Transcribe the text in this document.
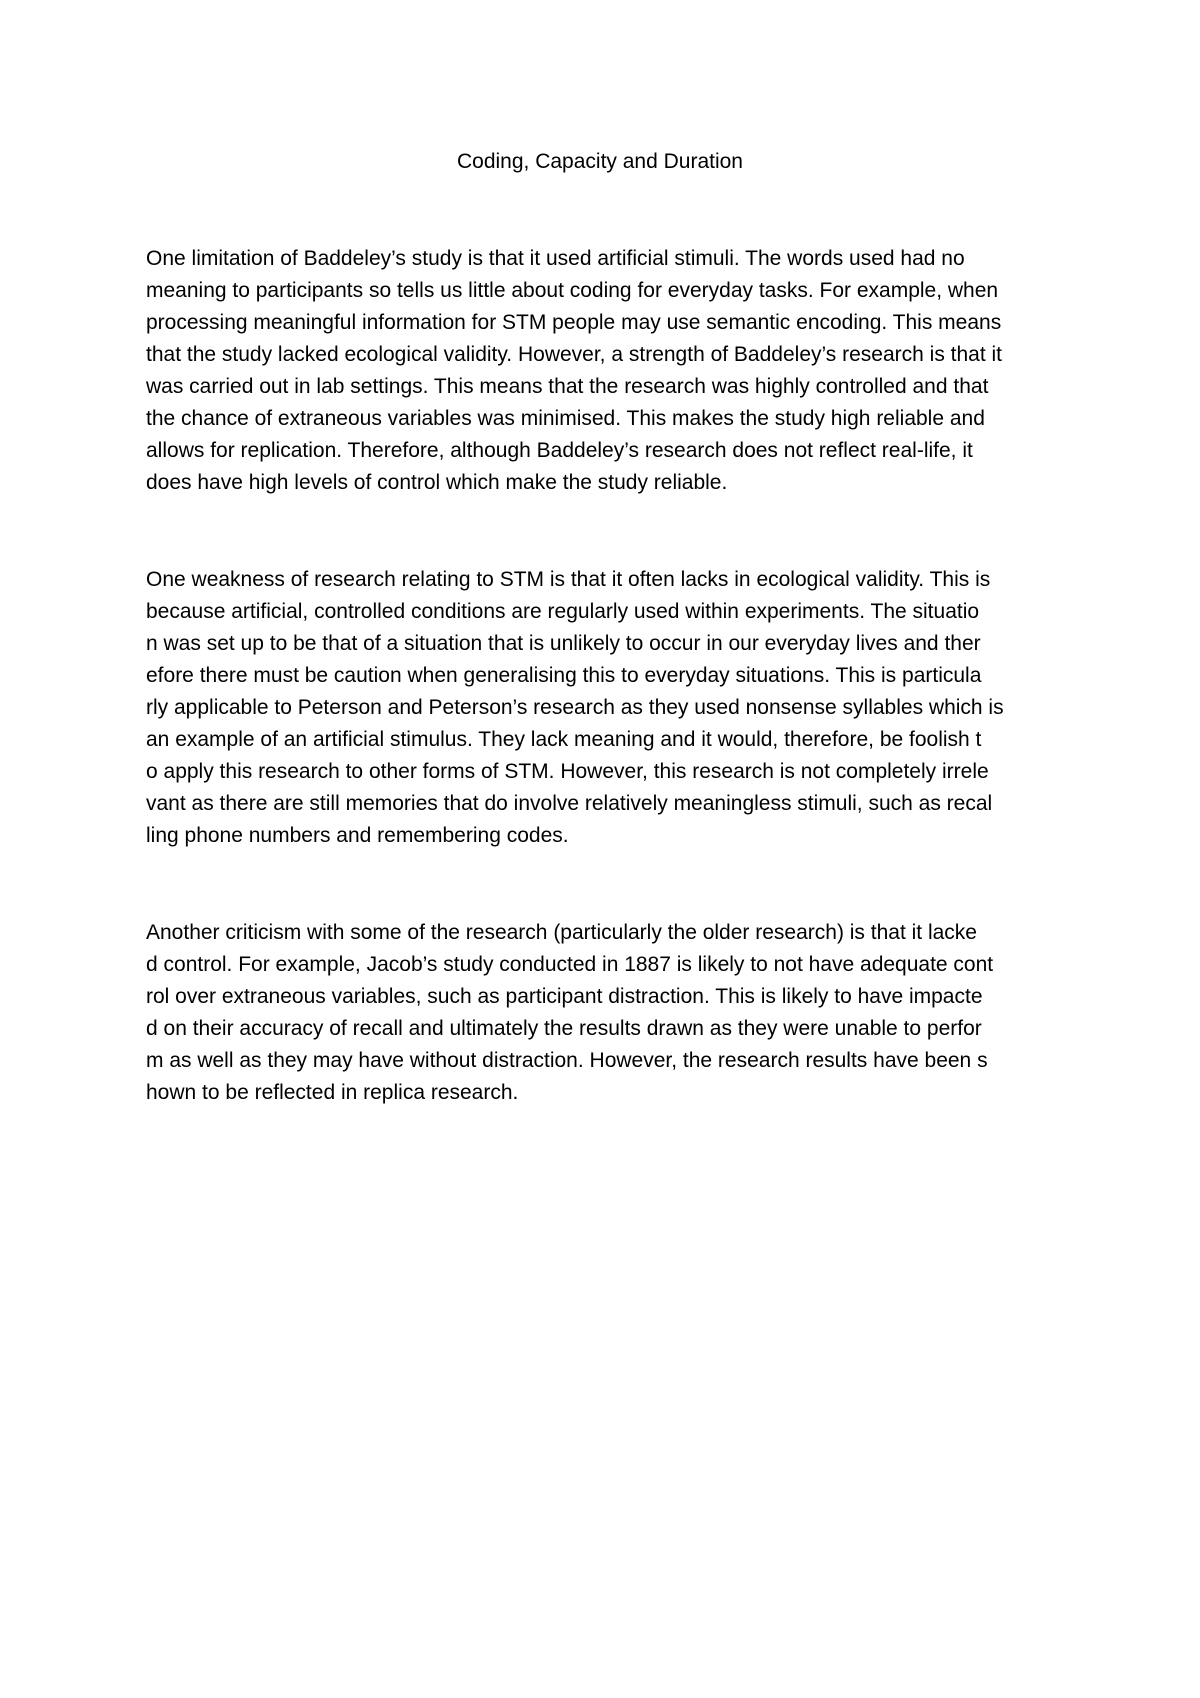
Coding, Capacity and Duration
One limitation of Baddeley’s study is that it used artificial stimuli. The words used had no
meaning to participants so tells us little about coding for everyday tasks. For example, when
processing meaningful information for STM people may use semantic encoding. This means
that the study lacked ecological validity. However, a strength of Baddeley’s research is that it
was carried out in lab settings. This means that the research was highly controlled and that
the chance of extraneous variables was minimised. This makes the study high reliable and
allows for replication. Therefore, although Baddeley’s research does not reflect real-life, it
does have high levels of control which make the study reliable.
One weakness of research relating to STM is that it often lacks in ecological validity. This is
because artificial, controlled conditions are regularly used within experiments. The situatio
n was set up to be that of a situation that is unlikely to occur in our everyday lives and ther
efore there must be caution when generalising this to everyday situations. This is particula
rly applicable to Peterson and Peterson’s research as they used nonsense syllables which is
an example of an artificial stimulus. They lack meaning and it would, therefore, be foolish t
o apply this research to other forms of STM. However, this research is not completely irrele
vant as there are still memories that do involve relatively meaningless stimuli, such as recal
ling phone numbers and remembering codes.
Another criticism with some of the research (particularly the older research) is that it lacke
d control. For example, Jacob’s study conducted in 1887 is likely to not have adequate cont
rol over extraneous variables, such as participant distraction. This is likely to have impacte
d on their accuracy of recall and ultimately the results drawn as they were unable to perfor
m as well as they may have without distraction. However, the research results have been s
hown to be reflected in replica research.
